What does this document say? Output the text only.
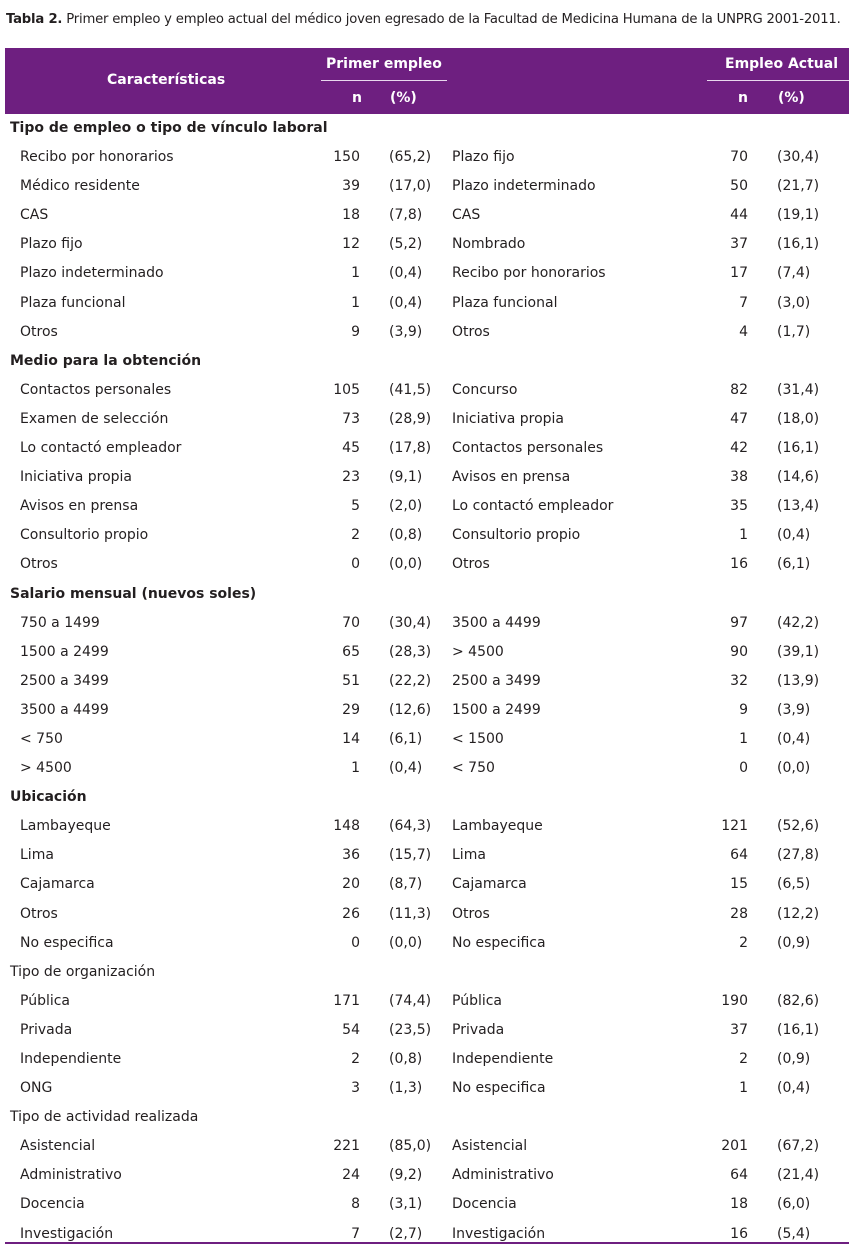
Tabla 2. Primer empleo y empleo actual del médico joven egresado de la Facultad de Medicina Humana de la UNPRG 2001-2011.
Características
Primer empleo	Empleo Actual
n (%)	n (%)
Tipo de empleo o tipo de vínculo laboral
Recibo por honorarios	150 (65,2) Plazo fijo	70 (30,4)
Médico residente	39 (17,0) Plazo indeterminado	50 (21,7)
CAS	18 (7,8) CAS	44 (19,1)
Plazo fijo	12 (5,2) Nombrado	37 (16,1)
Plazo indeterminado	1 (0,4) Recibo por honorarios	17 (7,4)
Plaza funcional	1 (0,4) Plaza funcional	7 (3,0)
Otros	9 (3,9) Otros	4 (1,7)
Medio para la obtención
Contactos personales	105 (41,5) Concurso	82 (31,4)
Examen de selección	73 (28,9) Iniciativa propia	47 (18,0)
Lo contactó empleador	45 (17,8) Contactos personales	42 (16,1)
Iniciativa propia	23 (9,1) Avisos en prensa	38 (14,6)
Avisos en prensa	5 (2,0) Lo contactó empleador	35 (13,4)
Consultorio propio	2 (0,8) Consultorio propio	1 (0,4)
Otros	0 (0,0) Otros	16 (6,1)
Salario mensual (nuevos soles)
750 a 1499	70 (30,4) 3500 a 4499	97 (42,2)
1500 a 2499	65 (28,3) > 4500	90 (39,1)
2500 a 3499	51 (22,2) 2500 a 3499	32 (13,9)
3500 a 4499	29 (12,6) 1500 a 2499	9 (3,9)
< 750	14 (6,1) < 1500	1 (0,4)
> 4500	1 (0,4) < 750	0 (0,0)
Ubicación
Lambayeque	148 (64,3) Lambayeque	121 (52,6)
Lima	36 (15,7) Lima	64 (27,8)
Cajamarca	20 (8,7) Cajamarca	15 (6,5)
Otros	26 (11,3) Otros	28 (12,2)
No especifica	0 (0,0) No especifica	2 (0,9)
Tipo de organización
Pública	171 (74,4) Pública	190 (82,6)
Privada	54 (23,5) Privada	37 (16,1)
Independiente	2 (0,8) Independiente	2 (0,9)
ONG	3 (1,3) No especifica	1 (0,4)
Tipo de actividad realizada
Asistencial	221 (85,0) Asistencial	201 (67,2)
Administrativo	24 (9,2) Administrativo	64 (21,4)
Docencia	8 (3,1) Docencia	18 (6,0)
Investigación	7 (2,7) Investigación	16 (5,4)
